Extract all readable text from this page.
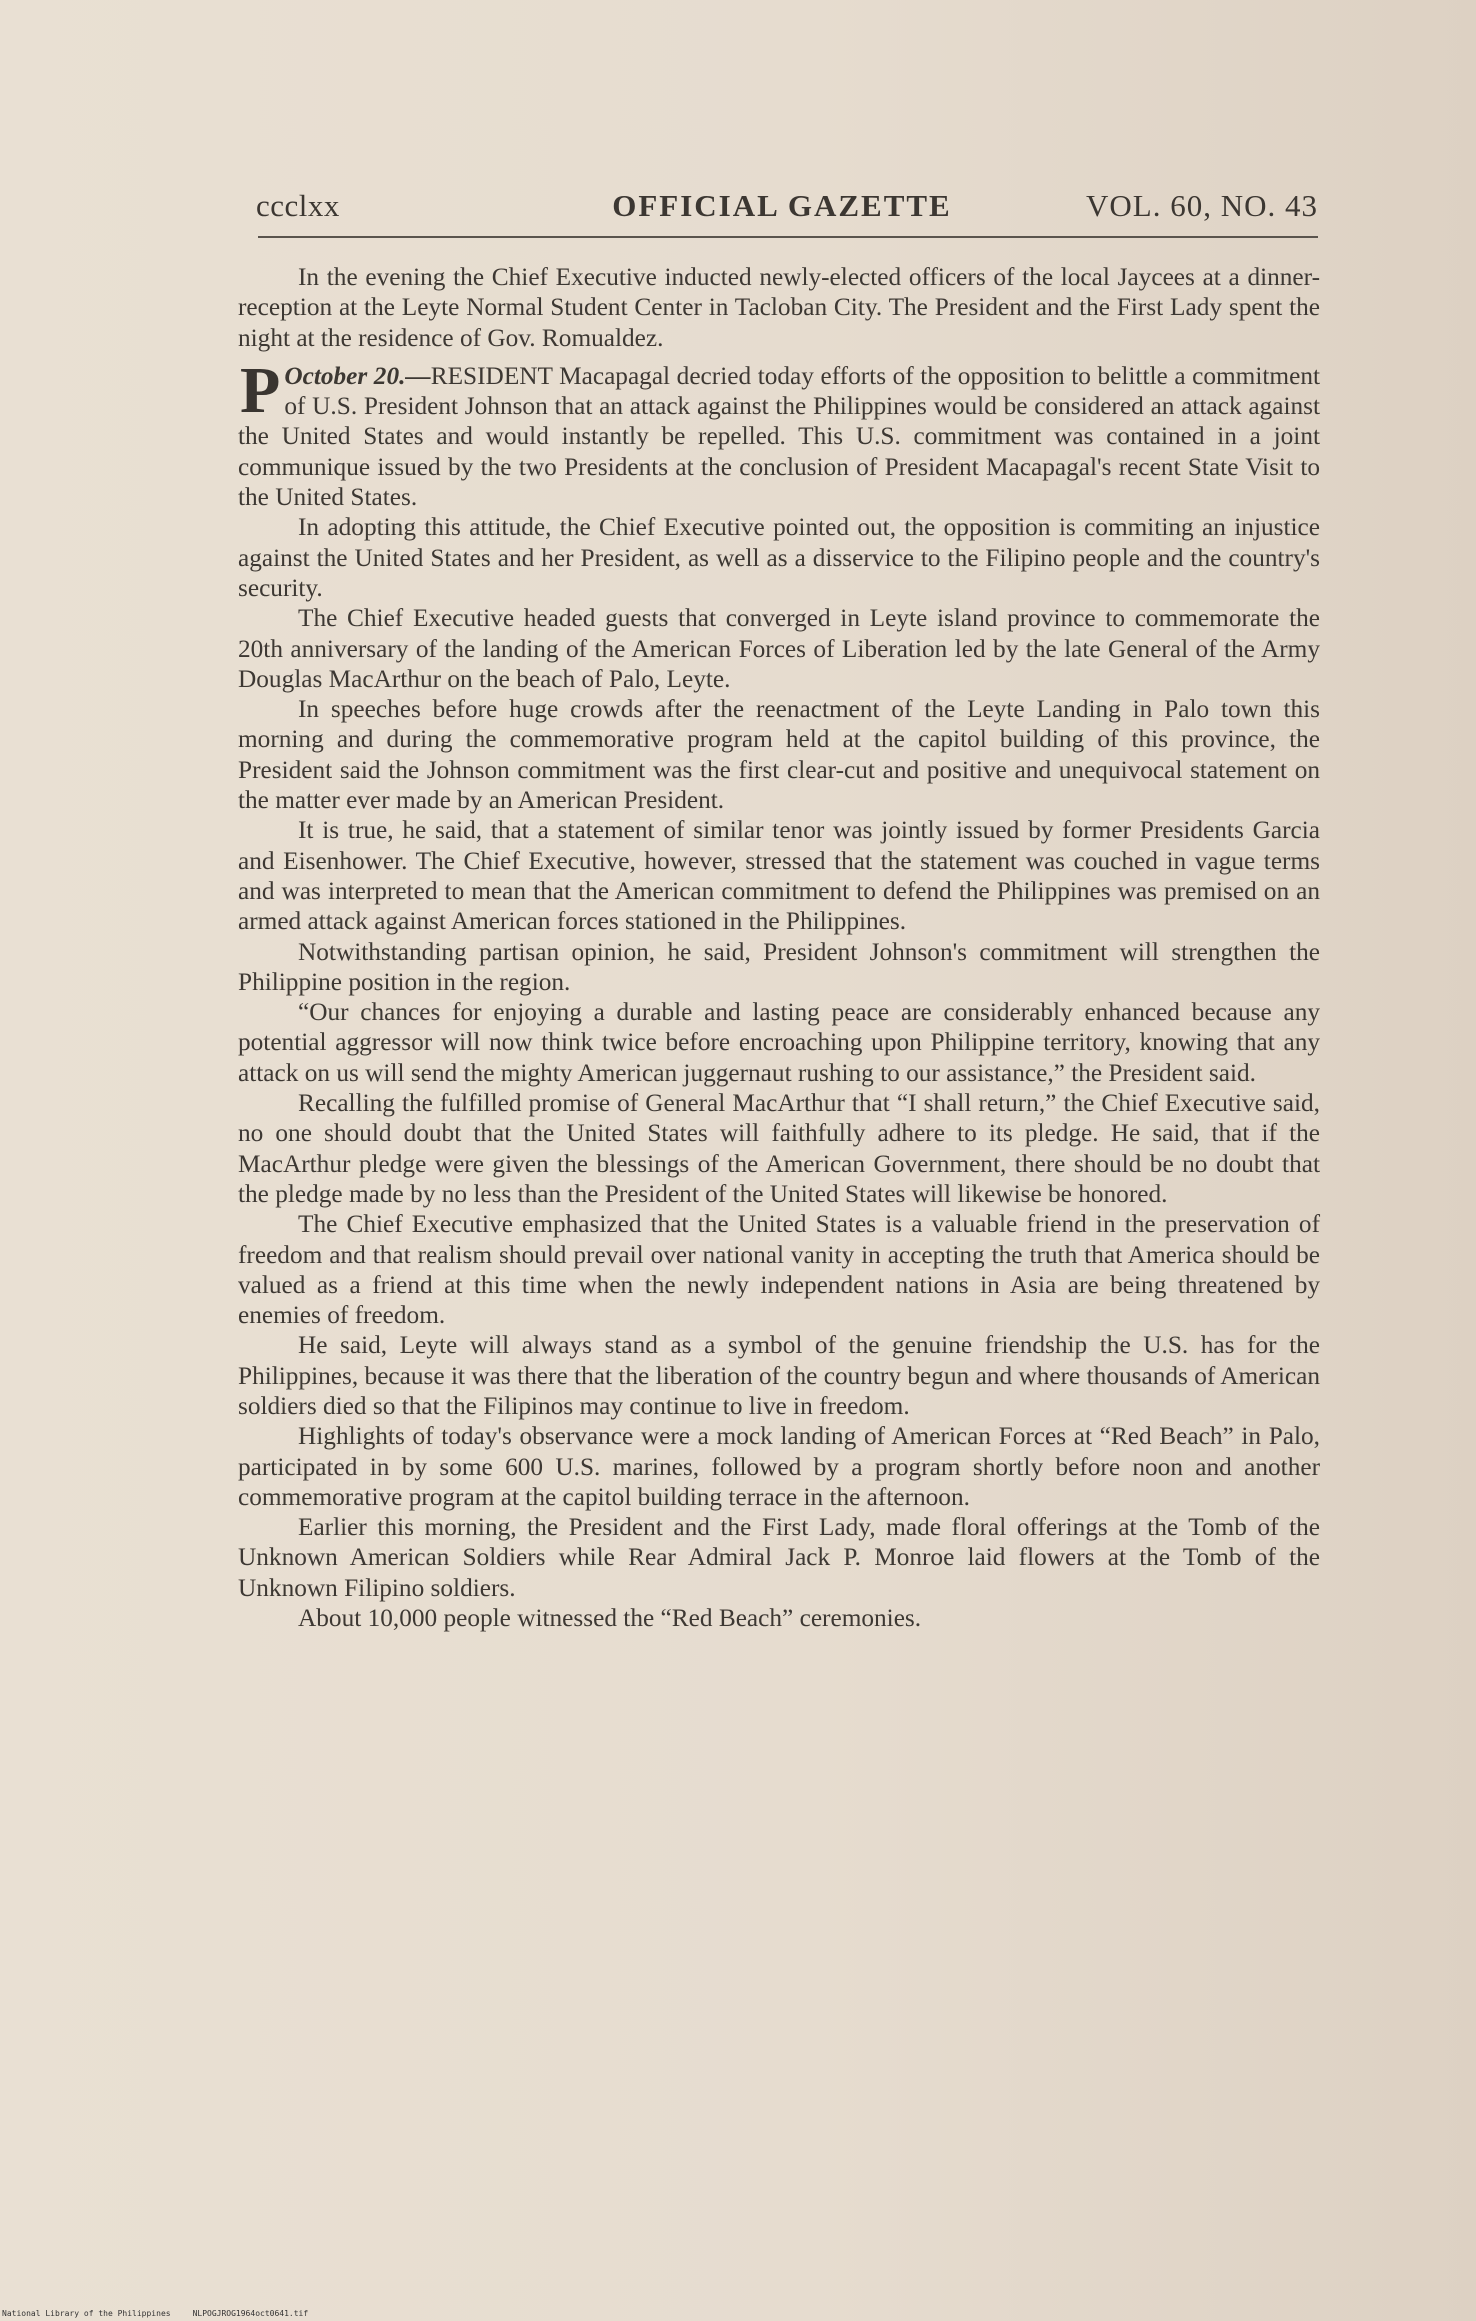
ccclxx	OFFICIAL GAZETTE	VOL. 60, NO. 43

In the evening the Chief Executive inducted newly-elected officers of the local Jaycees at a dinner-reception at the Leyte Normal Student Center in Tacloban City. The President and the First Lady spent the night at the residence of Gov. Romualdez.

October 20.—
P	RESIDENT Macapagal decried today efforts of the opposition to belittle a commitment of U.S. President Johnson that an attack against the Philippines would be considered an attack against the United States and would instantly be repelled. This U.S. commitment was contained in a joint communique issued by the two Presidents at the conclusion of President Macapagal's recent State Visit to the United States.

In adopting this attitude, the Chief Executive pointed out, the opposition is commiting an injustice against the United States and her President, as well as a disservice to the Filipino people and the country's security.

The Chief Executive headed guests that converged in Leyte island province to commemorate the 20th anniversary of the landing of the American Forces of Liberation led by the late General of the Army Douglas MacArthur on the beach of Palo, Leyte.

In speeches before huge crowds after the reenactment of the Leyte Landing in Palo town this morning and during the commemorative program held at the capitol building of this province, the President said the Johnson commitment was the first clear-cut and positive and unequivocal statement on the matter ever made by an American President.

It is true, he said, that a statement of similar tenor was jointly issued by former Presidents Garcia and Eisenhower. The Chief Executive, however, stressed that the statement was couched in vague terms and was interpreted to mean that the American commitment to defend the Philippines was premised on an armed attack against American forces stationed in the Philippines.

Notwithstanding partisan opinion, he said, President Johnson's commitment will strengthen the Philippine position in the region.

“Our chances for enjoying a durable and lasting peace are considerably enhanced because any potential aggressor will now think twice before encroaching upon Philippine territory, knowing that any attack on us will send the mighty American juggernaut rushing to our assistance,” the President said.

Recalling the fulfilled promise of General MacArthur that “I shall return,” the Chief Executive said, no one should doubt that the United States will faithfully adhere to its pledge. He said, that if the MacArthur pledge were given the blessings of the American Government, there should be no doubt that the pledge made by no less than the President of the United States will likewise be honored.

The Chief Executive emphasized that the United States is a valuable friend in the preservation of freedom and that realism should prevail over national vanity in accepting the truth that America should be valued as a friend at this time when the newly independent nations in Asia are being threatened by enemies of freedom.

He said, Leyte will always stand as a symbol of the genuine friendship the U.S. has for the Philippines, because it was there that the liberation of the country begun and where thousands of American soldiers died so that the Filipinos may continue to live in freedom.

Highlights of today's observance were a mock landing of American Forces at “Red Beach” in Palo, participated in by some 600 U.S. marines, followed by a program shortly before noon and another commemorative program at the capitol building terrace in the afternoon.

Earlier this morning, the President and the First Lady, made floral offerings at the Tomb of the Unknown American Soldiers while Rear Admiral Jack P. Monroe laid flowers at the Tomb of the Unknown Filipino soldiers.

About 10,000 people witnessed the “Red Beach” ceremonies.

National Library of the Philippines	NLPOGJROG1964oct0641.tif
